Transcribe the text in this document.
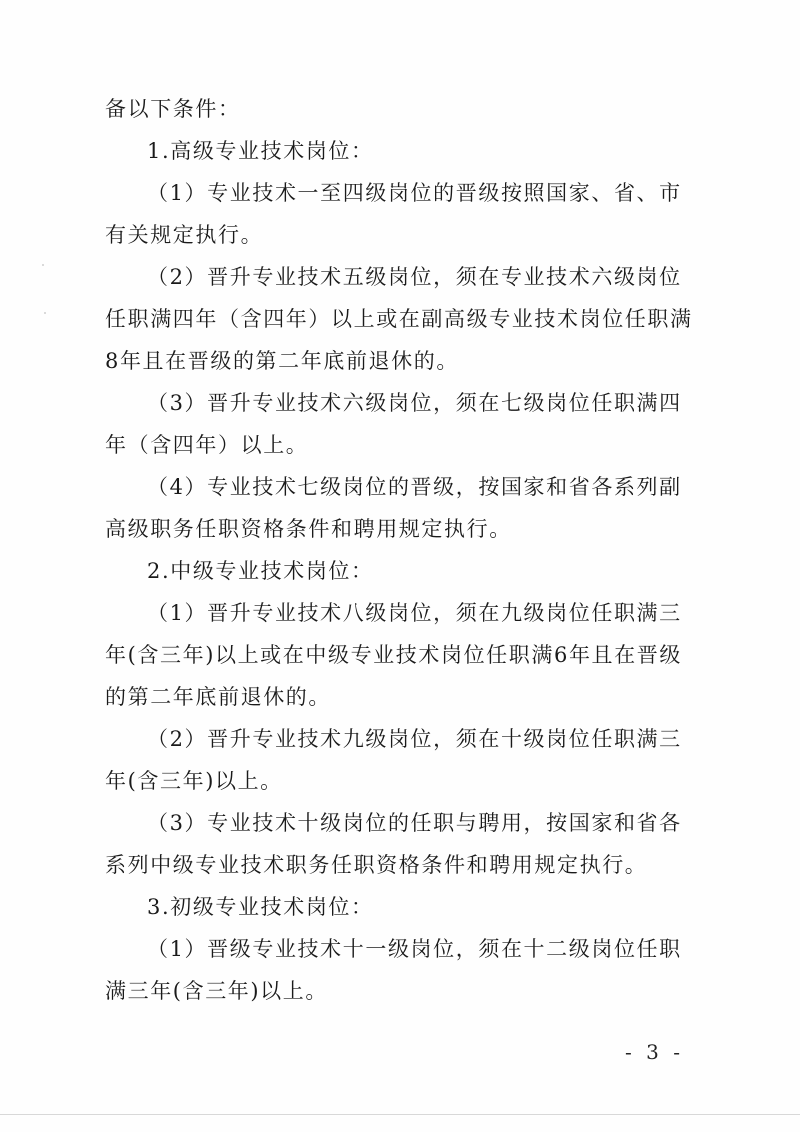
备以下条件：
1.高级专业技术岗位：
（1）专业技术一至四级岗位的晋级按照国家、省、市
有关规定执行。
（2）晋升专业技术五级岗位，须在专业技术六级岗位
任职满四年（含四年）以上或在副高级专业技术岗位任职满
8年且在晋级的第二年底前退休的。
（3）晋升专业技术六级岗位，须在七级岗位任职满四
年（含四年）以上。
（4）专业技术七级岗位的晋级，按国家和省各系列副
高级职务任职资格条件和聘用规定执行。
2.中级专业技术岗位：
（1）晋升专业技术八级岗位，须在九级岗位任职满三
年(含三年)以上或在中级专业技术岗位任职满6年且在晋级
的第二年底前退休的。
（2）晋升专业技术九级岗位，须在十级岗位任职满三
年(含三年)以上。
（3）专业技术十级岗位的任职与聘用，按国家和省各
系列中级专业技术职务任职资格条件和聘用规定执行。
3.初级专业技术岗位：
（1）晋级专业技术十一级岗位，须在十二级岗位任职
满三年(含三年)以上。
- 3 -
